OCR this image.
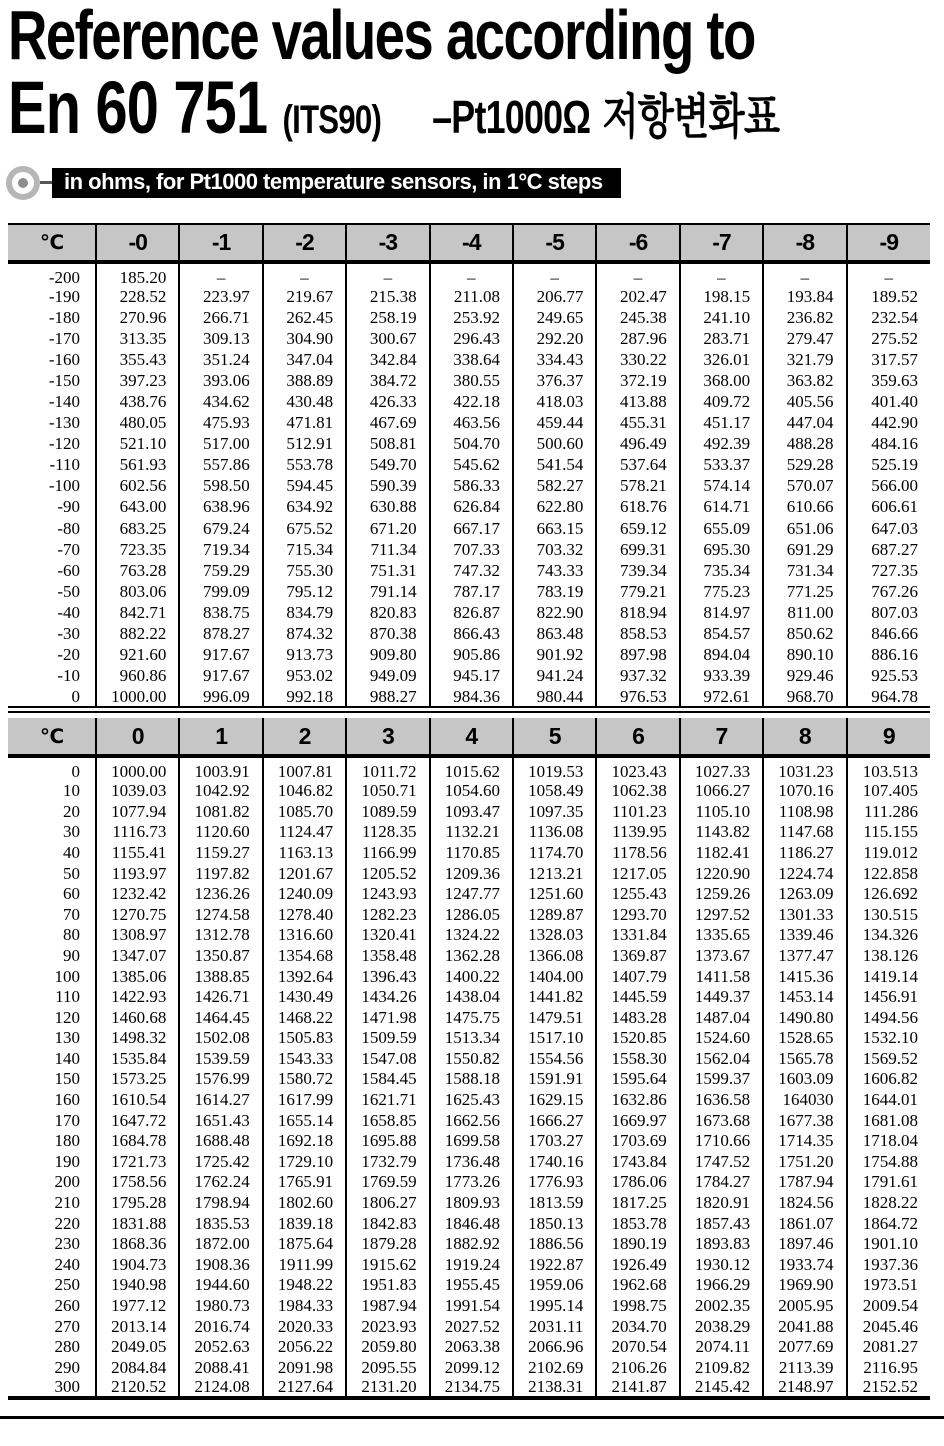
Reference values according to
En 60 751 (ITS90) –Pt1000Ω 저항변화표
in ohms, for Pt1000 temperature sensors, in 1°C steps
℃	-0	-1	-2	-3	-4	-5	-6	-7	-8	-9
-200	185.20	–	–	–	–	–	–	–	–	–
-190	228.52	223.97	219.67	215.38	211.08	206.77	202.47	198.15	193.84	189.52
-180	270.96	266.71	262.45	258.19	253.92	249.65	245.38	241.10	236.82	232.54
-170	313.35	309.13	304.90	300.67	296.43	292.20	287.96	283.71	279.47	275.52
-160	355.43	351.24	347.04	342.84	338.64	334.43	330.22	326.01	321.79	317.57
-150	397.23	393.06	388.89	384.72	380.55	376.37	372.19	368.00	363.82	359.63
-140	438.76	434.62	430.48	426.33	422.18	418.03	413.88	409.72	405.56	401.40
-130	480.05	475.93	471.81	467.69	463.56	459.44	455.31	451.17	447.04	442.90
-120	521.10	517.00	512.91	508.81	504.70	500.60	496.49	492.39	488.28	484.16
-110	561.93	557.86	553.78	549.70	545.62	541.54	537.64	533.37	529.28	525.19
-100	602.56	598.50	594.45	590.39	586.33	582.27	578.21	574.14	570.07	566.00
-90	643.00	638.96	634.92	630.88	626.84	622.80	618.76	614.71	610.66	606.61
-80	683.25	679.24	675.52	671.20	667.17	663.15	659.12	655.09	651.06	647.03
-70	723.35	719.34	715.34	711.34	707.33	703.32	699.31	695.30	691.29	687.27
-60	763.28	759.29	755.30	751.31	747.32	743.33	739.34	735.34	731.34	727.35
-50	803.06	799.09	795.12	791.14	787.17	783.19	779.21	775.23	771.25	767.26
-40	842.71	838.75	834.79	820.83	826.87	822.90	818.94	814.97	811.00	807.03
-30	882.22	878.27	874.32	870.38	866.43	863.48	858.53	854.57	850.62	846.66
-20	921.60	917.67	913.73	909.80	905.86	901.92	897.98	894.04	890.10	886.16
-10	960.86	917.67	953.02	949.09	945.17	941.24	937.32	933.39	929.46	925.53
0	1000.00	996.09	992.18	988.27	984.36	980.44	976.53	972.61	968.70	964.78
℃	0	1	2	3	4	5	6	7	8	9
0	1000.00	1003.91	1007.81	1011.72	1015.62	1019.53	1023.43	1027.33	1031.23	103.513
10	1039.03	1042.92	1046.82	1050.71	1054.60	1058.49	1062.38	1066.27	1070.16	107.405
20	1077.94	1081.82	1085.70	1089.59	1093.47	1097.35	1101.23	1105.10	1108.98	111.286
30	1116.73	1120.60	1124.47	1128.35	1132.21	1136.08	1139.95	1143.82	1147.68	115.155
40	1155.41	1159.27	1163.13	1166.99	1170.85	1174.70	1178.56	1182.41	1186.27	119.012
50	1193.97	1197.82	1201.67	1205.52	1209.36	1213.21	1217.05	1220.90	1224.74	122.858
60	1232.42	1236.26	1240.09	1243.93	1247.77	1251.60	1255.43	1259.26	1263.09	126.692
70	1270.75	1274.58	1278.40	1282.23	1286.05	1289.87	1293.70	1297.52	1301.33	130.515
80	1308.97	1312.78	1316.60	1320.41	1324.22	1328.03	1331.84	1335.65	1339.46	134.326
90	1347.07	1350.87	1354.68	1358.48	1362.28	1366.08	1369.87	1373.67	1377.47	138.126
100	1385.06	1388.85	1392.64	1396.43	1400.22	1404.00	1407.79	1411.58	1415.36	1419.14
110	1422.93	1426.71	1430.49	1434.26	1438.04	1441.82	1445.59	1449.37	1453.14	1456.91
120	1460.68	1464.45	1468.22	1471.98	1475.75	1479.51	1483.28	1487.04	1490.80	1494.56
130	1498.32	1502.08	1505.83	1509.59	1513.34	1517.10	1520.85	1524.60	1528.65	1532.10
140	1535.84	1539.59	1543.33	1547.08	1550.82	1554.56	1558.30	1562.04	1565.78	1569.52
150	1573.25	1576.99	1580.72	1584.45	1588.18	1591.91	1595.64	1599.37	1603.09	1606.82
160	1610.54	1614.27	1617.99	1621.71	1625.43	1629.15	1632.86	1636.58	164030	1644.01
170	1647.72	1651.43	1655.14	1658.85	1662.56	1666.27	1669.97	1673.68	1677.38	1681.08
180	1684.78	1688.48	1692.18	1695.88	1699.58	1703.27	1703.69	1710.66	1714.35	1718.04
190	1721.73	1725.42	1729.10	1732.79	1736.48	1740.16	1743.84	1747.52	1751.20	1754.88
200	1758.56	1762.24	1765.91	1769.59	1773.26	1776.93	1786.06	1784.27	1787.94	1791.61
210	1795.28	1798.94	1802.60	1806.27	1809.93	1813.59	1817.25	1820.91	1824.56	1828.22
220	1831.88	1835.53	1839.18	1842.83	1846.48	1850.13	1853.78	1857.43	1861.07	1864.72
230	1868.36	1872.00	1875.64	1879.28	1882.92	1886.56	1890.19	1893.83	1897.46	1901.10
240	1904.73	1908.36	1911.99	1915.62	1919.24	1922.87	1926.49	1930.12	1933.74	1937.36
250	1940.98	1944.60	1948.22	1951.83	1955.45	1959.06	1962.68	1966.29	1969.90	1973.51
260	1977.12	1980.73	1984.33	1987.94	1991.54	1995.14	1998.75	2002.35	2005.95	2009.54
270	2013.14	2016.74	2020.33	2023.93	2027.52	2031.11	2034.70	2038.29	2041.88	2045.46
280	2049.05	2052.63	2056.22	2059.80	2063.38	2066.96	2070.54	2074.11	2077.69	2081.27
290	2084.84	2088.41	2091.98	2095.55	2099.12	2102.69	2106.26	2109.82	2113.39	2116.95
300	2120.52	2124.08	2127.64	2131.20	2134.75	2138.31	2141.87	2145.42	2148.97	2152.52
